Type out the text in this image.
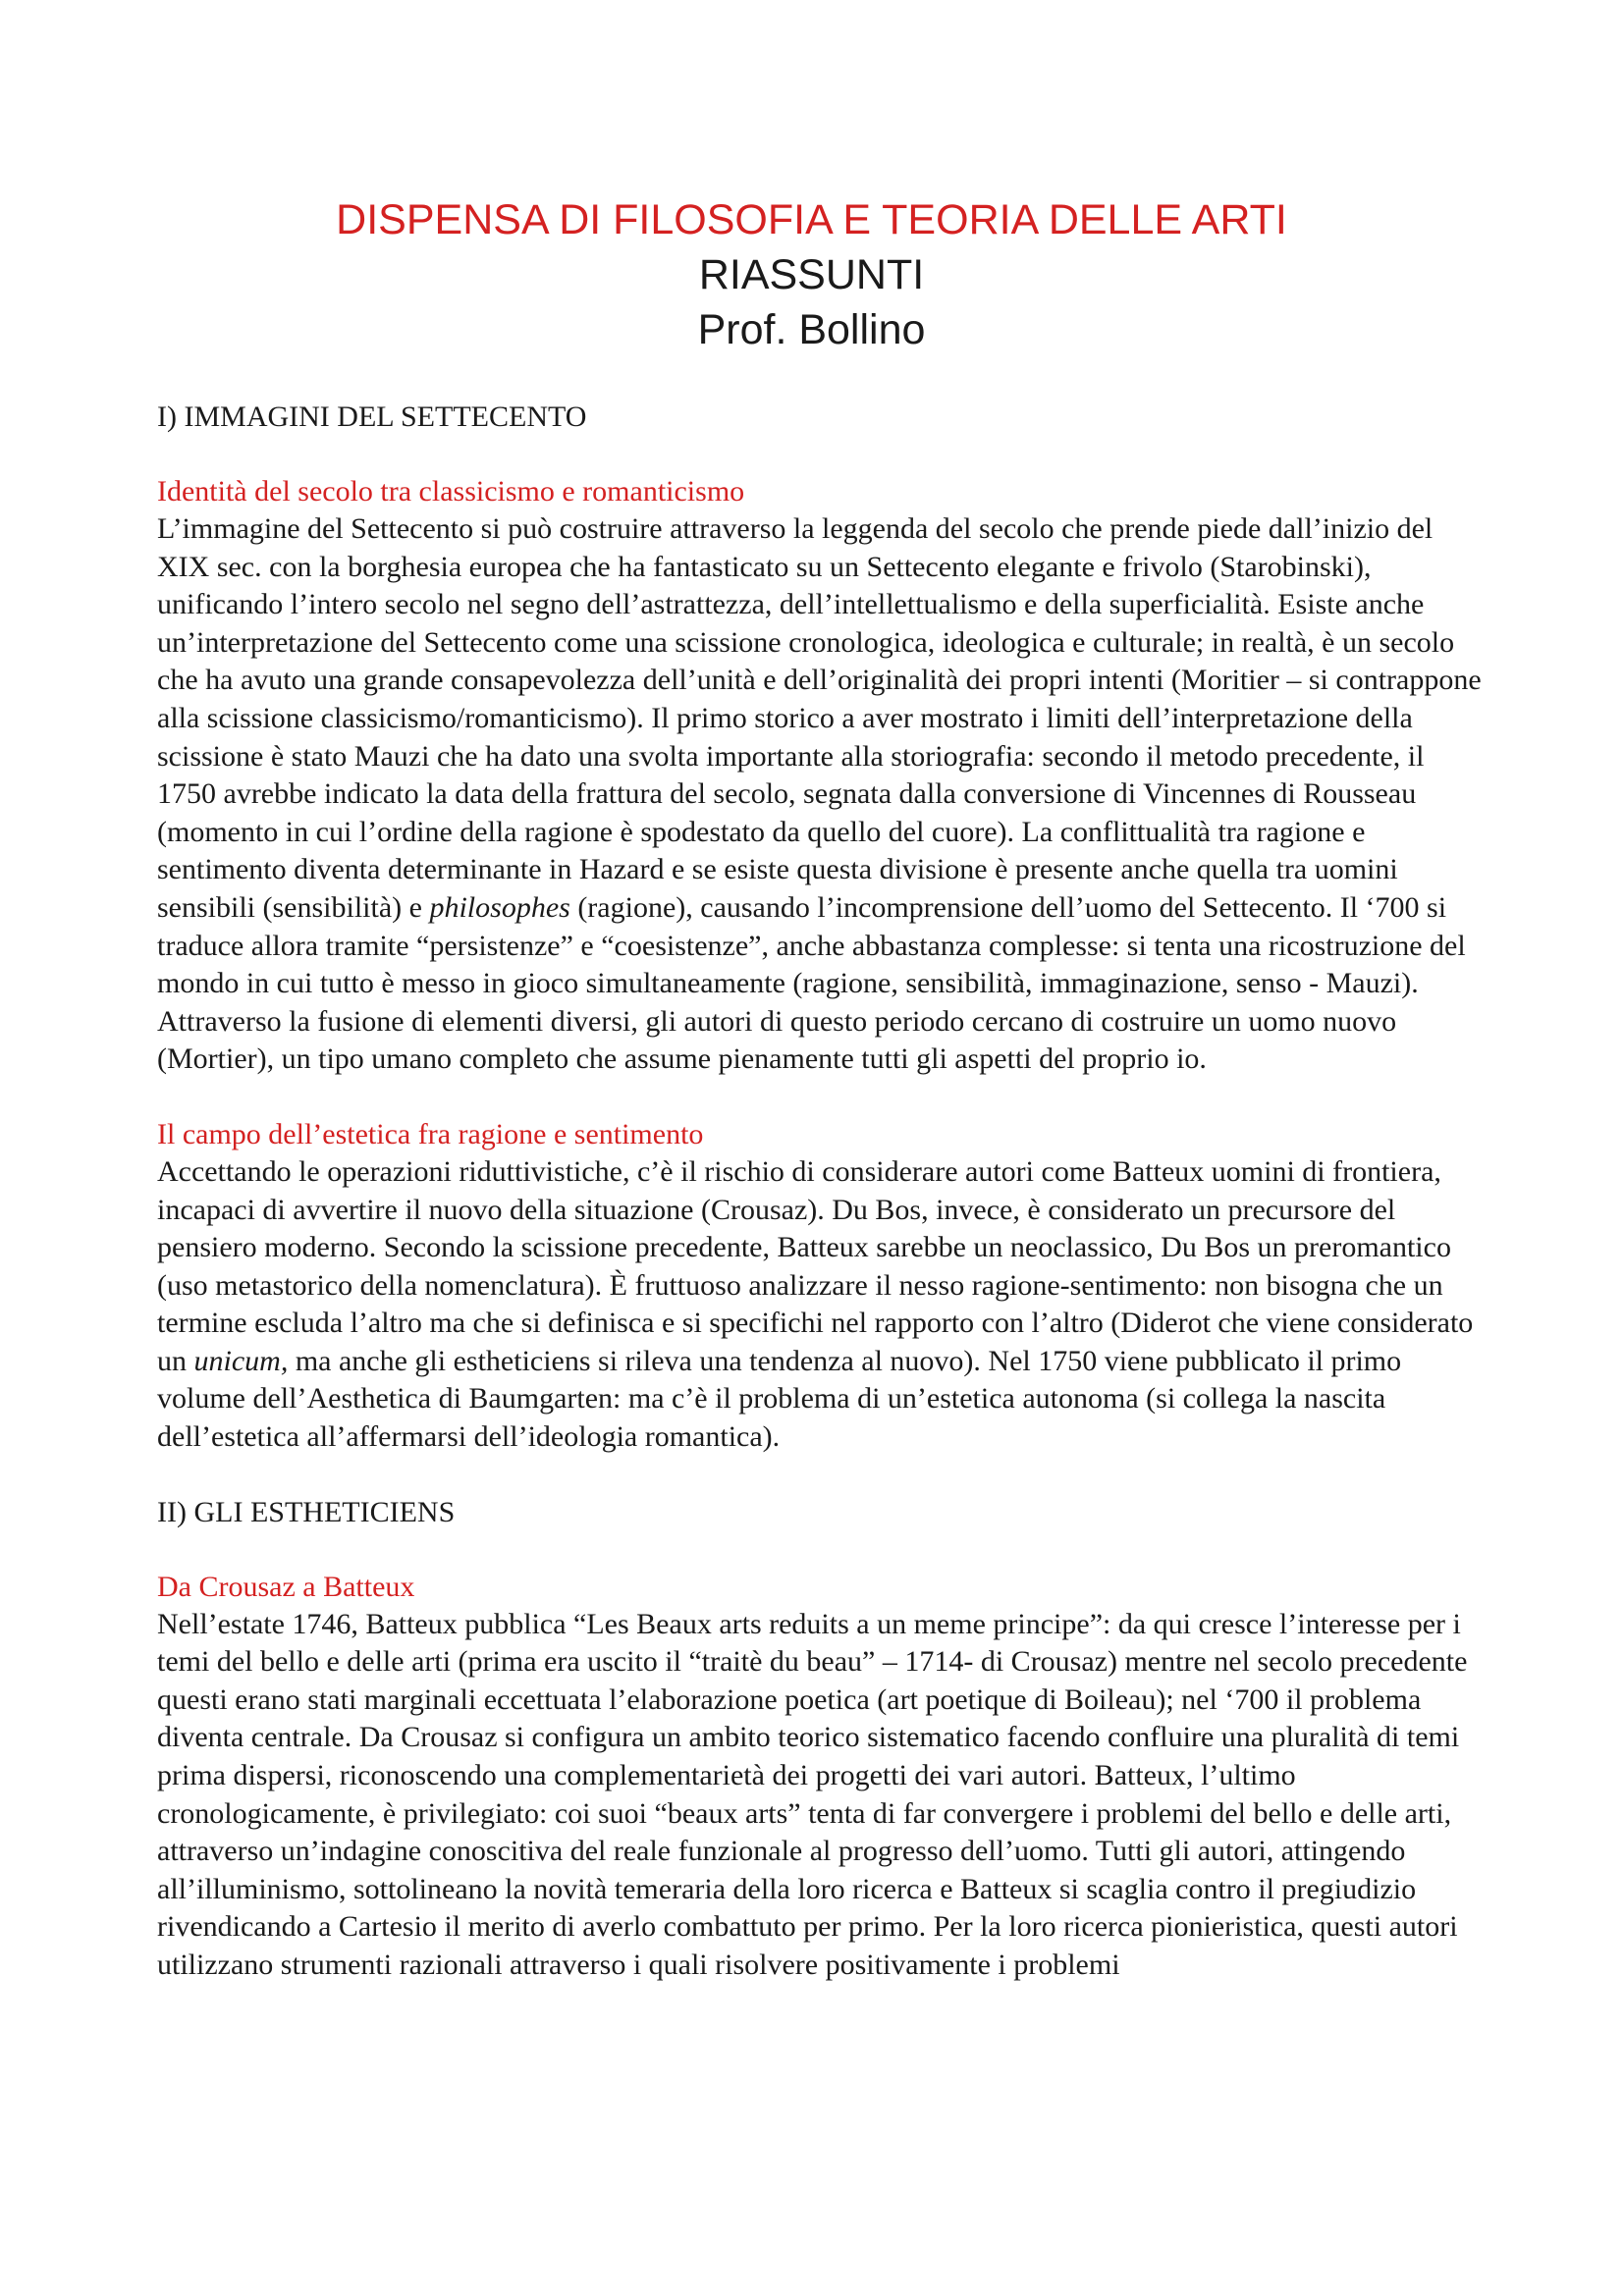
DISPENSA DI FILOSOFIA E TEORIA DELLE ARTI
RIASSUNTI
Prof. Bollino
I) IMMAGINI DEL SETTECENTO
Identità del secolo tra classicismo e romanticismo

L’immagine del Settecento si può costruire attraverso la leggenda del secolo che prende piede dall’inizio del XIX sec. con la borghesia europea che ha fantasticato su un Settecento elegante e frivolo (Starobinski), unificando l’intero secolo nel segno dell’astrattezza, dell’intellettualismo e della superficialità. Esiste anche un’interpretazione del Settecento come una scissione cronologica, ideologica e culturale; in realtà, è un secolo che ha avuto una grande consapevolezza dell’unità e dell’originalità dei propri intenti (Moritier – si contrappone alla scissione classicismo/romanticismo). Il primo storico a aver mostrato i limiti dell’interpretazione della scissione è stato Mauzi che ha dato una svolta importante alla storiografia: secondo il metodo precedente, il 1750 avrebbe indicato la data della frattura del secolo, segnata dalla conversione di Vincennes di Rousseau (momento in cui l’ordine della ragione è spodestato da quello del cuore). La conflittualità tra ragione e sentimento diventa determinante in Hazard e se esiste questa divisione è presente anche quella tra uomini sensibili (sensibilità) e philosophes (ragione), causando l’incomprensione dell’uomo del Settecento. Il ‘700 si traduce allora tramite “persistenze” e “coesistenze”, anche abbastanza complesse: si tenta una ricostruzione del mondo in cui tutto è messo in gioco simultaneamente (ragione, sensibilità, immaginazione, senso - Mauzi). Attraverso la fusione di elementi diversi, gli autori di questo periodo cercano di costruire un uomo nuovo (Mortier), un tipo umano completo che assume pienamente tutti gli aspetti del proprio io.

Il campo dell’estetica fra ragione e sentimento

Accettando le operazioni riduttivistiche, c’è il rischio di considerare autori come Batteux uomini di frontiera, incapaci di avvertire il nuovo della situazione (Crousaz). Du Bos, invece, è considerato un precursore del pensiero moderno. Secondo la scissione precedente, Batteux sarebbe un neoclassico, Du Bos un preromantico (uso metastorico della nomenclatura). È fruttuoso analizzare il nesso ragione-sentimento: non bisogna che un termine escluda l’altro ma che si definisca e si specifichi nel rapporto con l’altro (Diderot che viene considerato un unicum, ma anche gli estheticiens si rileva una tendenza al nuovo). Nel 1750 viene pubblicato il primo volume dell’Aesthetica di Baumgarten: ma c’è il problema di un’estetica autonoma (si collega la nascita dell’estetica all’affermarsi dell’ideologia romantica).

II) GLI ESTHETICIENS
Da Crousaz a Batteux

Nell’estate 1746, Batteux pubblica “Les Beaux arts reduits a un meme principe”: da qui cresce l’interesse per i temi del bello e delle arti (prima era uscito il “traitè du beau” – 1714- di Crousaz) mentre nel secolo precedente questi erano stati marginali eccettuata l’elaborazione poetica (art poetique di Boileau); nel ‘700 il problema diventa centrale. Da Crousaz si configura un ambito teorico sistematico facendo confluire una pluralità di temi prima dispersi, riconoscendo una complementarietà dei progetti dei vari autori. Batteux, l’ultimo cronologicamente, è privilegiato: coi suoi “beaux arts” tenta di far convergere i problemi del bello e delle arti, attraverso un’indagine conoscitiva del reale funzionale al progresso dell’uomo. Tutti gli autori, attingendo all’illuminismo, sottolineano la novità temeraria della loro ricerca e Batteux si scaglia contro il pregiudizio rivendicando a Cartesio il merito di averlo combattuto per primo. Per la loro ricerca pionieristica, questi autori utilizzano strumenti razionali attraverso i quali risolvere positivamente i problemi
